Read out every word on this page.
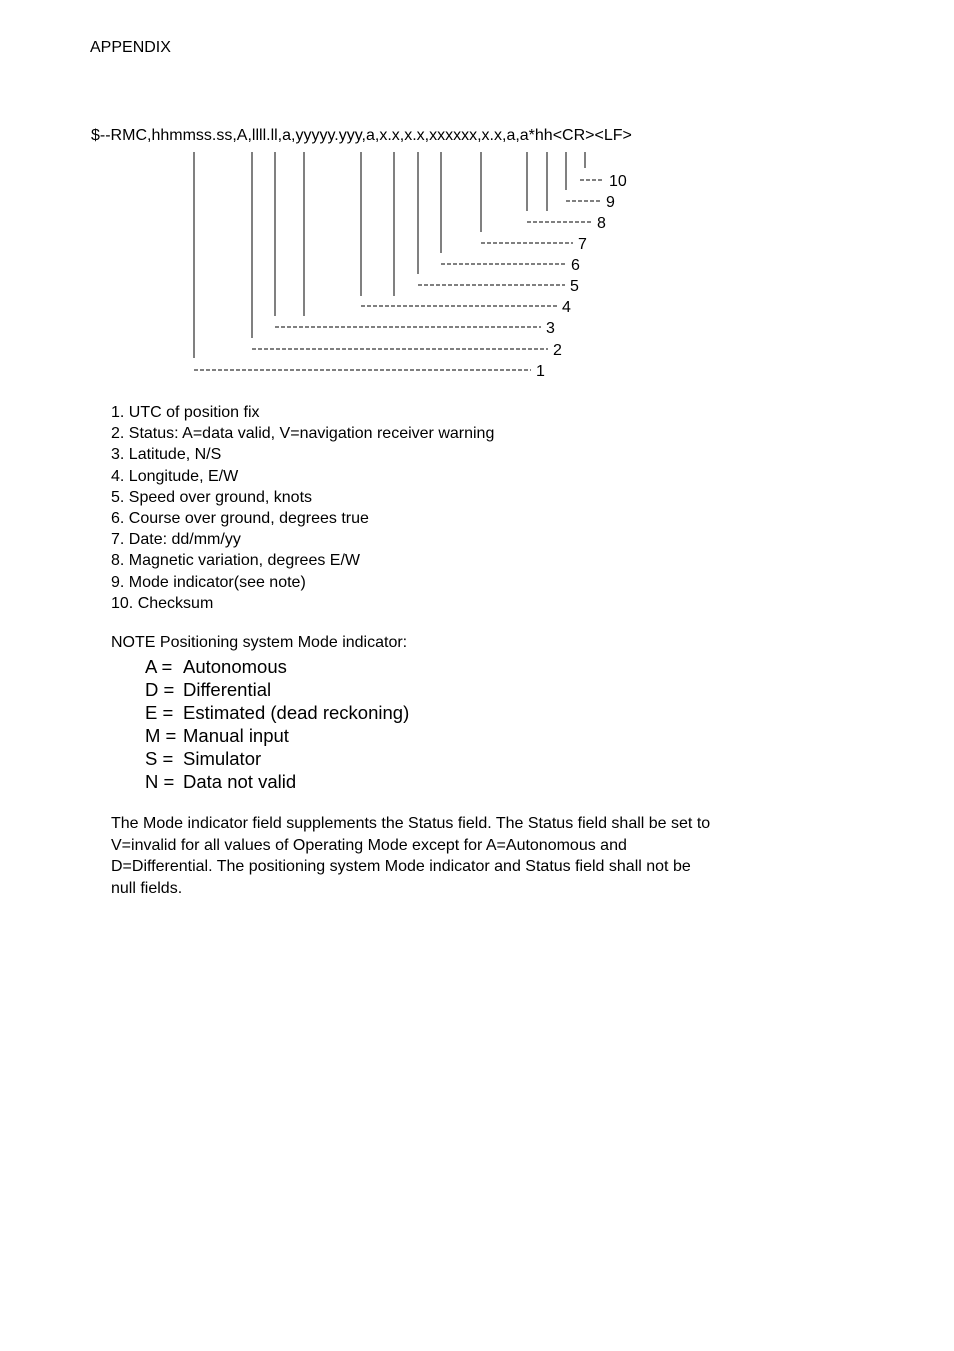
APPENDIX
$--RMC,hhmmss.ss,A,llll.ll,a,yyyyy.yyy,a,x.x,x.x,xxxxxx,x.x,a,a*hh<CR><LF>
10
9
8
7
6
5
4
3
2
1
1. UTC of position fix
2. Status: A=data valid, V=navigation receiver warning
3. Latitude, N/S
4. Longitude, E/W
5. Speed over ground, knots
6. Course over ground, degrees true
7. Date: dd/mm/yy
8. Magnetic variation, degrees E/W
9. Mode indicator(see note)
10. Checksum
NOTE Positioning system Mode indicator:
A = Autonomous
D = Differential
E = Estimated (dead reckoning)
M = Manual input
S = Simulator
N = Data not valid
The Mode indicator field supplements the Status field. The Status field shall be set to V=invalid for all values of Operating Mode except for A=Autonomous and D=Differential. The positioning system Mode indicator and Status field shall not be null fields.
